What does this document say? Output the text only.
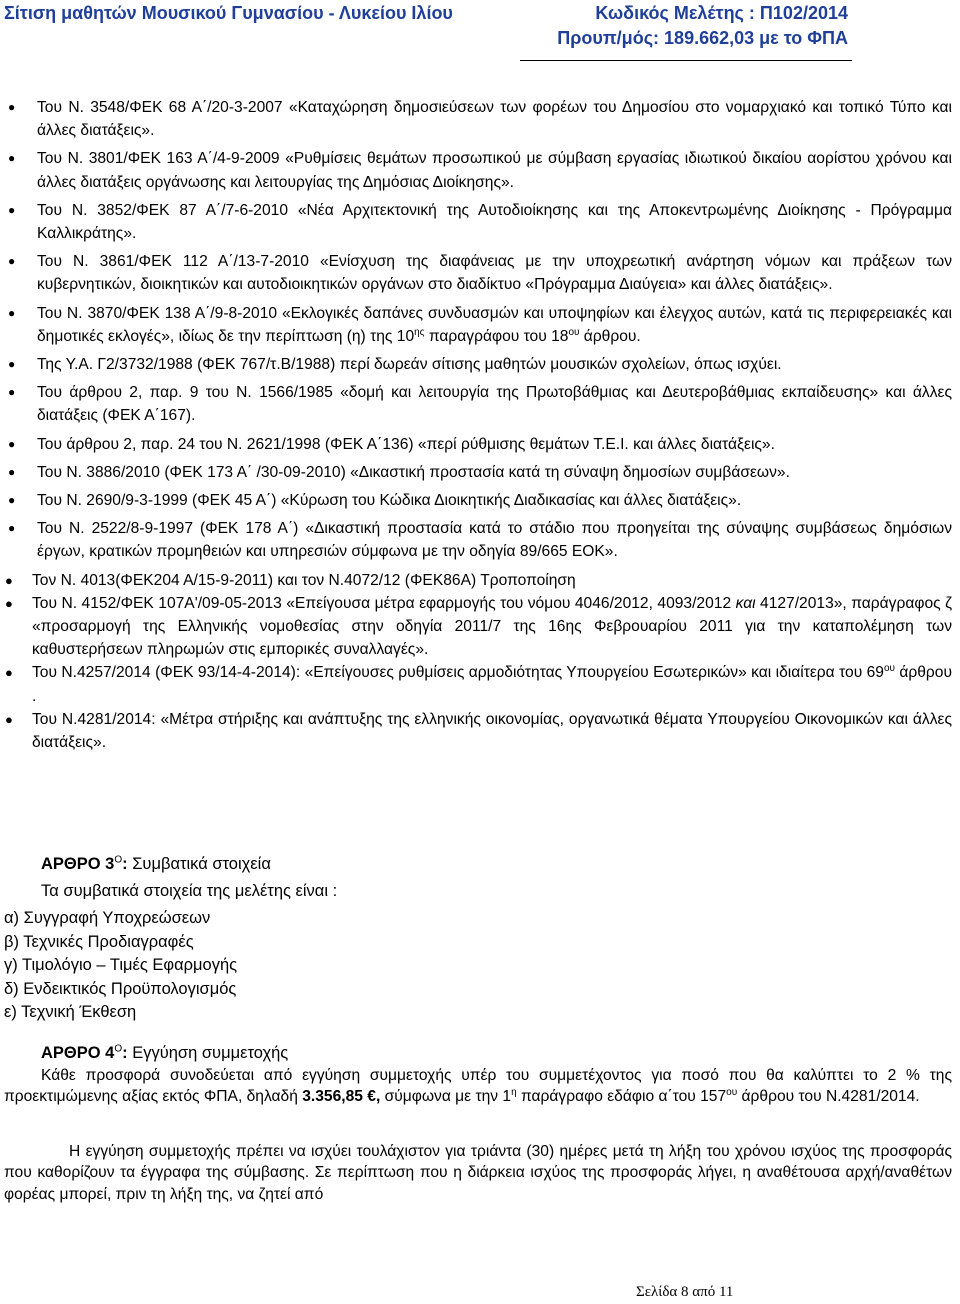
Σίτιση μαθητών Μουσικού Γυμνασίου - Λυκείου Ιλίου	Κωδικός Μελέτης : Π102/2014
Προυπ/μός: 189.662,03 με το ΦΠΑ
● Του Ν. 3548/ΦΕΚ 68 Α΄/20-3-2007 «Καταχώρηση δημοσιεύσεων των φορέων του Δημοσίου στο νομαρχιακό και τοπικό Τύπο και άλλες διατάξεις».
● Του Ν. 3801/ΦΕΚ 163 Α΄/4-9-2009 «Ρυθμίσεις θεμάτων προσωπικού με σύμβαση εργασίας ιδιωτικού δικαίου αορίστου χρόνου και άλλες διατάξεις οργάνωσης και λειτουργίας της Δημόσιας Διοίκησης».
● Του Ν. 3852/ΦΕΚ 87 Α΄/7-6-2010 «Νέα Αρχιτεκτονική της Αυτοδιοίκησης και της Αποκεντρωμένης Διοίκησης - Πρόγραμμα Καλλικράτης».
● Του Ν. 3861/ΦΕΚ 112 Α΄/13-7-2010 «Ενίσχυση της διαφάνειας με την υποχρεωτική ανάρτηση νόμων και πράξεων των κυβερνητικών, διοικητικών και αυτοδιοικητικών οργάνων στο διαδίκτυο «Πρόγραμμα Διαύγεια» και άλλες διατάξεις».
● Του Ν. 3870/ΦΕΚ 138 Α΄/9-8-2010 «Εκλογικές δαπάνες συνδυασμών και υποψηφίων και έλεγχος αυτών, κατά τις περιφερειακές και δημοτικές εκλογές», ιδίως δε την περίπτωση (η) της $10^{\eta\varsigma}$ παραγράφου του $18^{o\upsilon}$ άρθρου.
● Της Υ.Α. Γ2/3732/1988 (ΦΕΚ 767/τ.Β/1988) περί δωρεάν σίτισης μαθητών μουσικών σχολείων, όπως ισχύει.
● Του άρθρου 2, παρ. 9 του Ν. 1566/1985 «δομή και λειτουργία της Πρωτοβάθμιας και Δευτεροβάθμιας εκπαίδευσης» και άλλες διατάξεις (ΦΕΚ Α΄167).
● Του άρθρου 2, παρ. 24 του Ν. 2621/1998 (ΦΕΚ Α΄136) «περί ρύθμισης θεμάτων Τ.Ε.Ι. και άλλες διατάξεις».
● Του Ν. 3886/2010 (ΦΕΚ 173 Α΄ /30-09-2010) «Δικαστική προστασία κατά τη σύναψη δημοσίων συμβάσεων».
● Του Ν. 2690/9-3-1999 (ΦΕΚ 45 Α΄) «Κύρωση του Κώδικα Διοικητικής Διαδικασίας και άλλες διατάξεις».
● Του Ν. 2522/8-9-1997 (ΦΕΚ 178 Α΄) «Δικαστική προστασία κατά το στάδιο που προηγείται της σύναψης συμβάσεως δημόσιων έργων, κρατικών προμηθειών και υπηρεσιών σύμφωνα με την οδηγία 89/665 ΕΟΚ».
● Τον Ν. 4013(ΦΕΚ204 Α/15-9-2011) και τον Ν.4072/12 (ΦΕΚ86Α) Τροποποίηση
● Του Ν. 4152/ΦΕΚ 107Α'/09-05-2013 «Επείγουσα μέτρα εφαρμογής του νόμου 4046/2012, 4093/2012 και 4127/2013», παράγραφος ζ «προσαρμογή της Ελληνικής νομοθεσίας στην οδηγία 2011/7 της 16ης Φεβρουαρίου 2011 για την καταπολέμηση των καθυστερήσεων πληρωμών στις εμπορικές συναλλαγές».
● Του Ν.4257/2014 (ΦΕΚ 93/14-4-2014): «Επείγουσες ρυθμίσεις αρμοδιότητας Υπουργείου Εσωτερικών» και ιδιαίτερα του $69^{o\upsilon}$ άρθρου .
● Του Ν.4281/2014: «Μέτρα στήριξης και ανάπτυξης της ελληνικής οικονομίας, οργανωτικά θέματα Υπουργείου Οικονομικών και άλλες διατάξεις».
ΑΡΘΡΟ $3^O$: Συμβατικά στοιχεία
Τα συμβατικά στοιχεία της μελέτης είναι :
α) Συγγραφή Υποχρεώσεων
β) Τεχνικές Προδιαγραφές
γ) Τιμολόγιο – Τιμές Εφαρμογής
δ) Ενδεικτικός Προϋπολογισμός
ε) Τεχνική Έκθεση
ΑΡΘΡΟ $4^O$: Εγγύηση συμμετοχής

Κάθε προσφορά συνοδεύεται από εγγύηση συμμετοχής υπέρ του συμμετέχοντος για ποσό που θα καλύπτει το 2 % της προεκτιμώμενης αξίας εκτός ΦΠΑ, δηλαδή 3.356,85 €, σύμφωνα με την $1^\eta$ παράγραφο εδάφιο α΄του $157^{o\upsilon}$ άρθρου του Ν.4281/2014.

Η εγγύηση συμμετοχής πρέπει να ισχύει τουλάχιστον για τριάντα (30) ημέρες μετά τη λήξη του χρόνου ισχύος της προσφοράς που καθορίζουν τα έγγραφα της σύμβασης. Σε περίπτωση που η διάρκεια ισχύος της προσφοράς λήγει, η αναθέτουσα αρχή/αναθέτων φορέας μπορεί, πριν τη λήξη της, να ζητεί από

Σελίδα 8 από 11
